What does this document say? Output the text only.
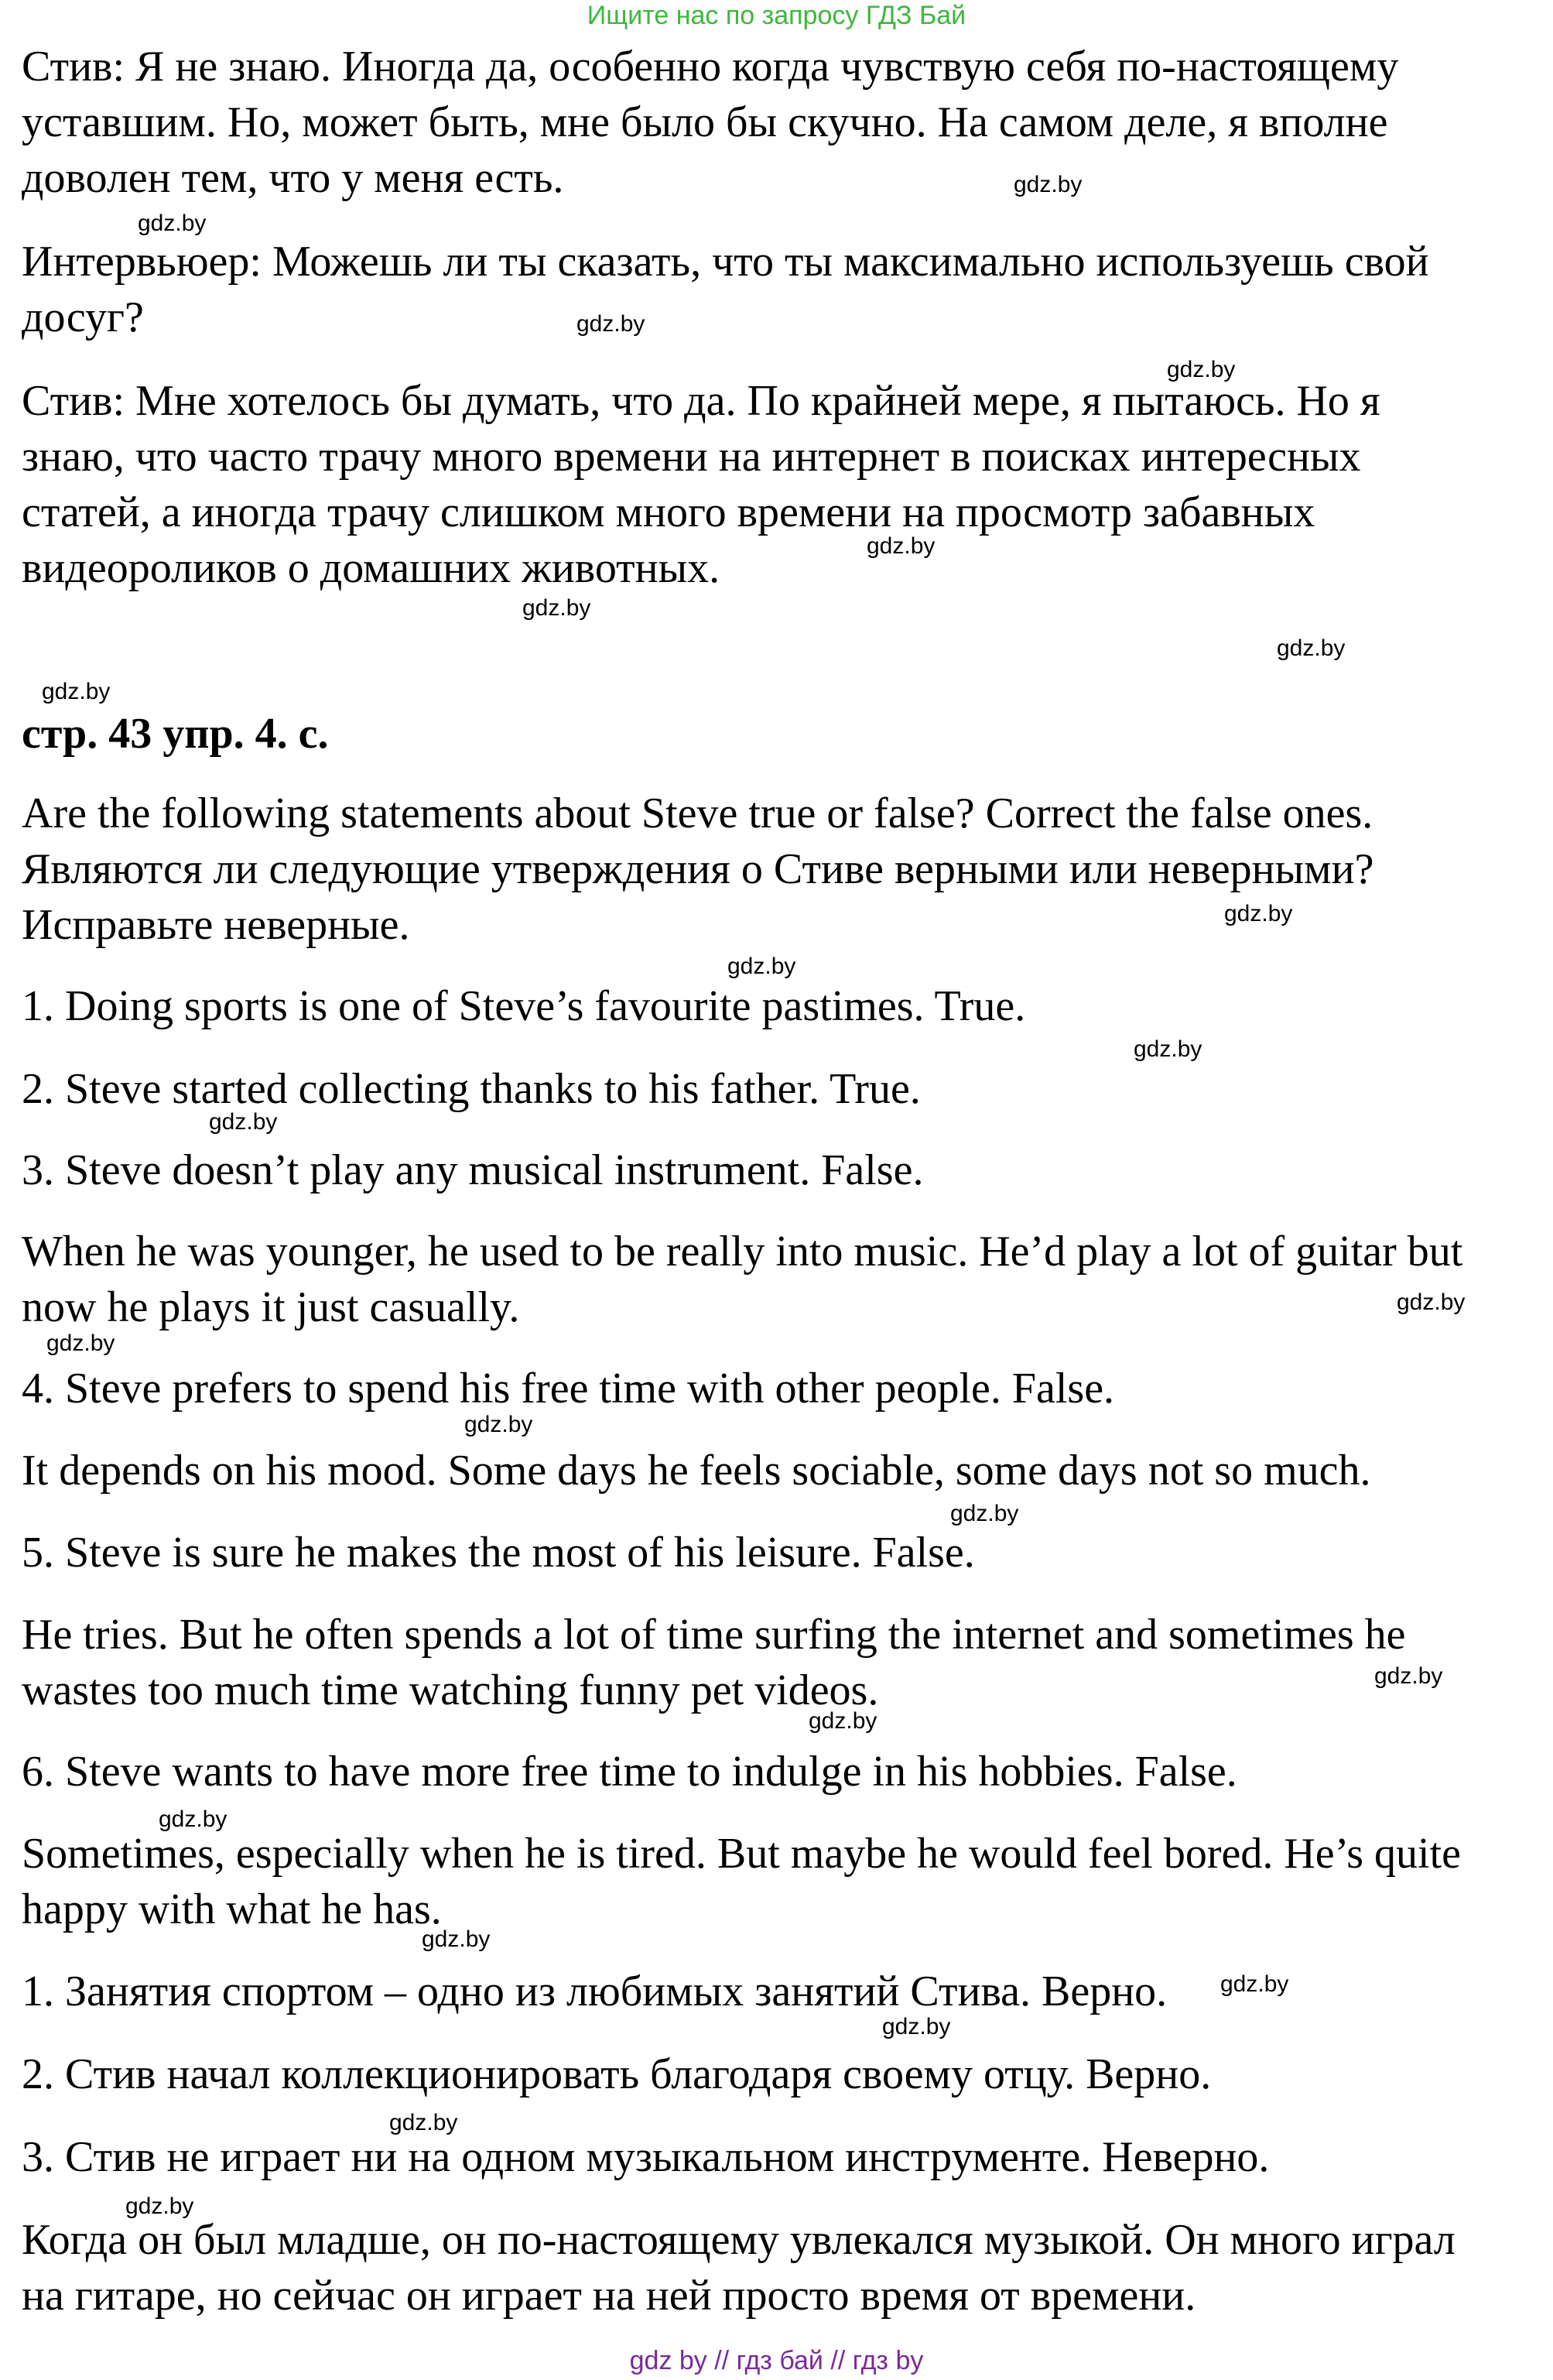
Ищите нас по запросу ГДЗ Бай
Стив: Я не знаю. Иногда да, особенно когда чувствую себя по-настоящему
уставшим. Но, может быть, мне было бы скучно. На самом деле, я вполне
доволен тем, что у меня есть.
Интервьюер: Можешь ли ты сказать, что ты максимально используешь свой
досуг?
Стив: Мне хотелось бы думать, что да. По крайней мере, я пытаюсь. Но я
знаю, что часто трачу много времени на интернет в поисках интересных
статей, а иногда трачу слишком много времени на просмотр забавных
видеороликов о домашних животных.
стр. 43 упр. 4. с.
Are the following statements about Steve true or false? Correct the false ones.
Являются ли следующие утверждения о Стиве верными или неверными?
Исправьте неверные.
1. Doing sports is one of Steve’s favourite pastimes. True.
2. Steve started collecting thanks to his father. True.
3. Steve doesn’t play any musical instrument. False.
When he was younger, he used to be really into music. He’d play a lot of guitar but
now he plays it just casually.
4. Steve prefers to spend his free time with other people. False.
It depends on his mood. Some days he feels sociable, some days not so much.
5. Steve is sure he makes the most of his leisure. False.
He tries. But he often spends a lot of time surfing the internet and sometimes he
wastes too much time watching funny pet videos.
6. Steve wants to have more free time to indulge in his hobbies. False.
Sometimes, especially when he is tired. But maybe he would feel bored. He’s quite
happy with what he has.
1. Занятия спортом – одно из любимых занятий Стива. Верно.
2. Стив начал коллекционировать благодаря своему отцу. Верно.
3. Стив не играет ни на одном музыкальном инструменте. Неверно.
Когда он был младше, он по-настоящему увлекался музыкой. Он много играл
на гитаре, но сейчас он играет на ней просто время от времени.
gdz.by
gdz.by
gdz.by
gdz.by
gdz.by
gdz.by
gdz.by
gdz.by
gdz.by
gdz.by
gdz.by
gdz.by
gdz.by
gdz.by
gdz.by
gdz.by
gdz.by
gdz.by
gdz.by
gdz.by
gdz.by
gdz.by
gdz.by
gdz.by
gdz by // гдз бай // гдз by
